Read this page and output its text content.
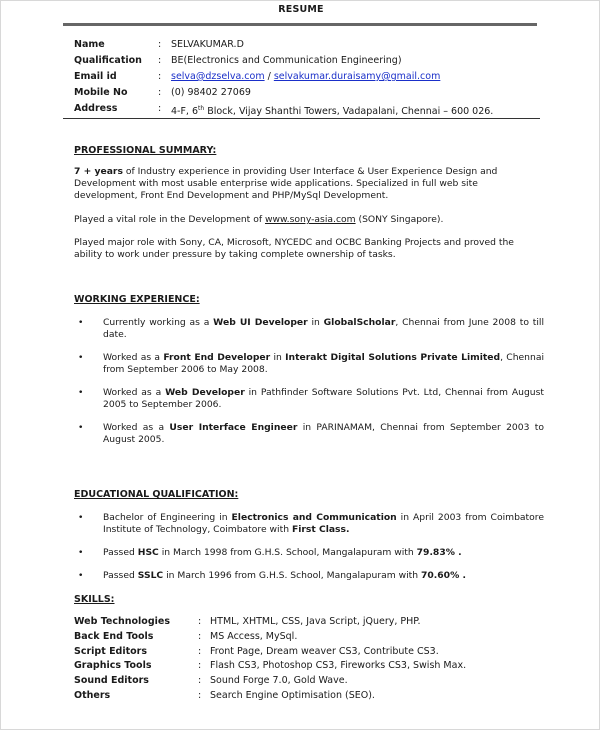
RESUME
Name	: SELVAKUMAR.D
Qualification : BE(Electronics and Communication Engineering)
Email id	: selva@dzselva.com / selvakumar.duraisamy@gmail.com
Mobile No	: (0) 98402 27069
Address	: 4-F, 6th Block, Vijay Shanthi Towers, Vadapalani, Chennai – 600 026.
PROFESSIONAL SUMMARY:
7 + years of Industry experience in providing User Interface & User Experience Design and Development with most usable enterprise wide applications. Specialized in full web site development, Front End Development and PHP/MySql Development.
Played a vital role in the Development of www.sony-asia.com (SONY Singapore).
Played major role with Sony, CA, Microsoft, NYCEDC and OCBC Banking Projects and proved the ability to work under pressure by taking complete ownership of tasks.
WORKING EXPERIENCE:
• Currently working as a Web UI Developer in GlobalScholar, Chennai from June 2008 to till date.
• Worked as a Front End Developer in Interakt Digital Solutions Private Limited, Chennai from September 2006 to May 2008.
• Worked as a Web Developer in Pathfinder Software Solutions Pvt. Ltd, Chennai from August 2005 to September 2006.
• Worked as a User Interface Engineer in PARINAMAM, Chennai from September 2003 to August 2005.
EDUCATIONAL QUALIFICATION:
• Bachelor of Engineering in Electronics and Communication in April 2003 from Coimbatore Institute of Technology, Coimbatore with First Class.
• Passed HSC in March 1998 from G.H.S. School, Mangalapuram with 79.83% .
• Passed SSLC in March 1996 from G.H.S. School, Mangalapuram with 70.60% .
SKILLS:
Web Technologies	: HTML, XHTML, CSS, Java Script, jQuery, PHP.
Back End Tools	: MS Access, MySql.
Script Editors	: Front Page, Dream weaver CS3, Contribute CS3.
Graphics Tools	: Flash CS3, Photoshop CS3, Fireworks CS3, Swish Max.
Sound Editors	: Sound Forge 7.0, Gold Wave.
Others	: Search Engine Optimisation (SEO).
